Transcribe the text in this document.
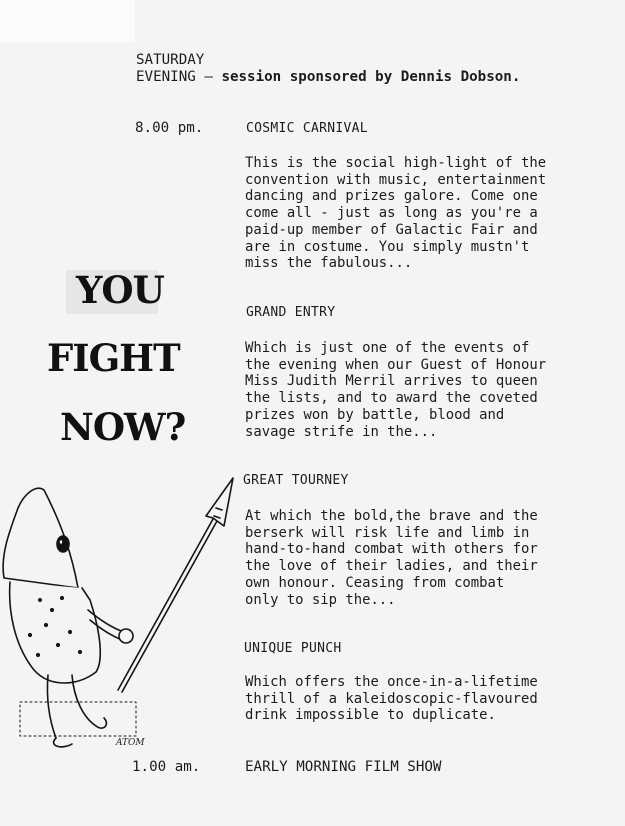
SATURDAY
EVENING — session sponsored by Dennis Dobson.
8.00 pm.	COSMIC CARNIVAL
This is the social high-light of the
convention with music, entertainment
dancing and prizes galore. Come one
come all - just as long as you're a
paid-up member of Galactic Fair and
are in costume. You simply mustn't
miss the fabulous...
GRAND ENTRY
Which is just one of the events of
the evening when our Guest of Honour
Miss Judith Merril arrives to queen
the lists, and to award the coveted
prizes won by battle, blood and
savage strife in the...
GREAT TOURNEY
At which the bold,the brave and the
berserk will risk life and limb in
hand-to-hand combat with others for
the love of their ladies, and their
own honour. Ceasing from combat
only to sip the...
UNIQUE PUNCH
Which offers the once-in-a-lifetime
thrill of a kaleidoscopic-flavoured
drink impossible to duplicate.
1.00 am.	EARLY MORNING FILM SHOW
YOU
FIGHT
NOW?
ATOM
